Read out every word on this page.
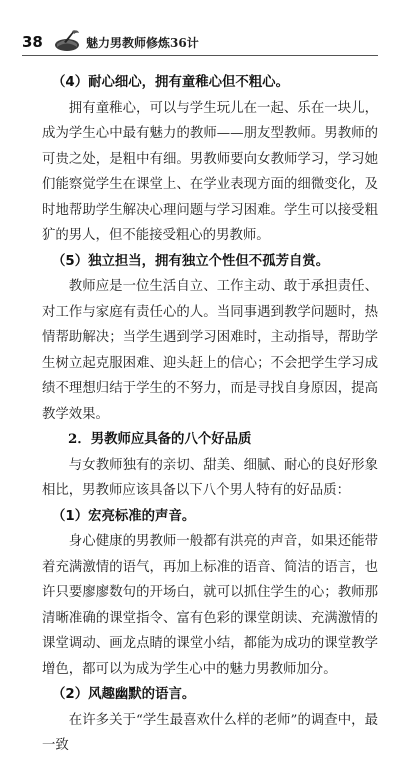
38	魅力男教师修炼36计

（4）耐心细心，拥有童稚心但不粗心。

拥有童稚心，可以与学生玩儿在一起、乐在一块儿，成为学生心中最有魅力的教师——朋友型教师。男教师的可贵之处，是粗中有细。男教师要向女教师学习，学习她们能察觉学生在课堂上、在学业表现方面的细微变化，及时地帮助学生解决心理问题与学习困难。学生可以接受粗犷的男人，但不能接受粗心的男教师。

（5）独立担当，拥有独立个性但不孤芳自赏。

教师应是一位生活自立、工作主动、敢于承担责任、对工作与家庭有责任心的人。当同事遇到教学问题时，热情帮助解决；当学生遇到学习困难时，主动指导，帮助学生树立起克服困难、迎头赶上的信心；不会把学生学习成绩不理想归结于学生的不努力，而是寻找自身原因，提高教学效果。

2．男教师应具备的八个好品质

与女教师独有的亲切、甜美、细腻、耐心的良好形象相比，男教师应该具备以下八个男人特有的好品质：

（1）宏亮标准的声音。

身心健康的男教师一般都有洪亮的声音，如果还能带着充满激情的语气，再加上标准的语音、简洁的语言，也许只要廖廖数句的开场白，就可以抓住学生的心；教师那清晰准确的课堂指令、富有色彩的课堂朗读、充满激情的课堂调动、画龙点睛的课堂小结，都能为成功的课堂教学增色，都可以为成为学生心中的魅力男教师加分。

（2）风趣幽默的语言。

在许多关于“学生最喜欢什么样的老师”的调查中，最一致
